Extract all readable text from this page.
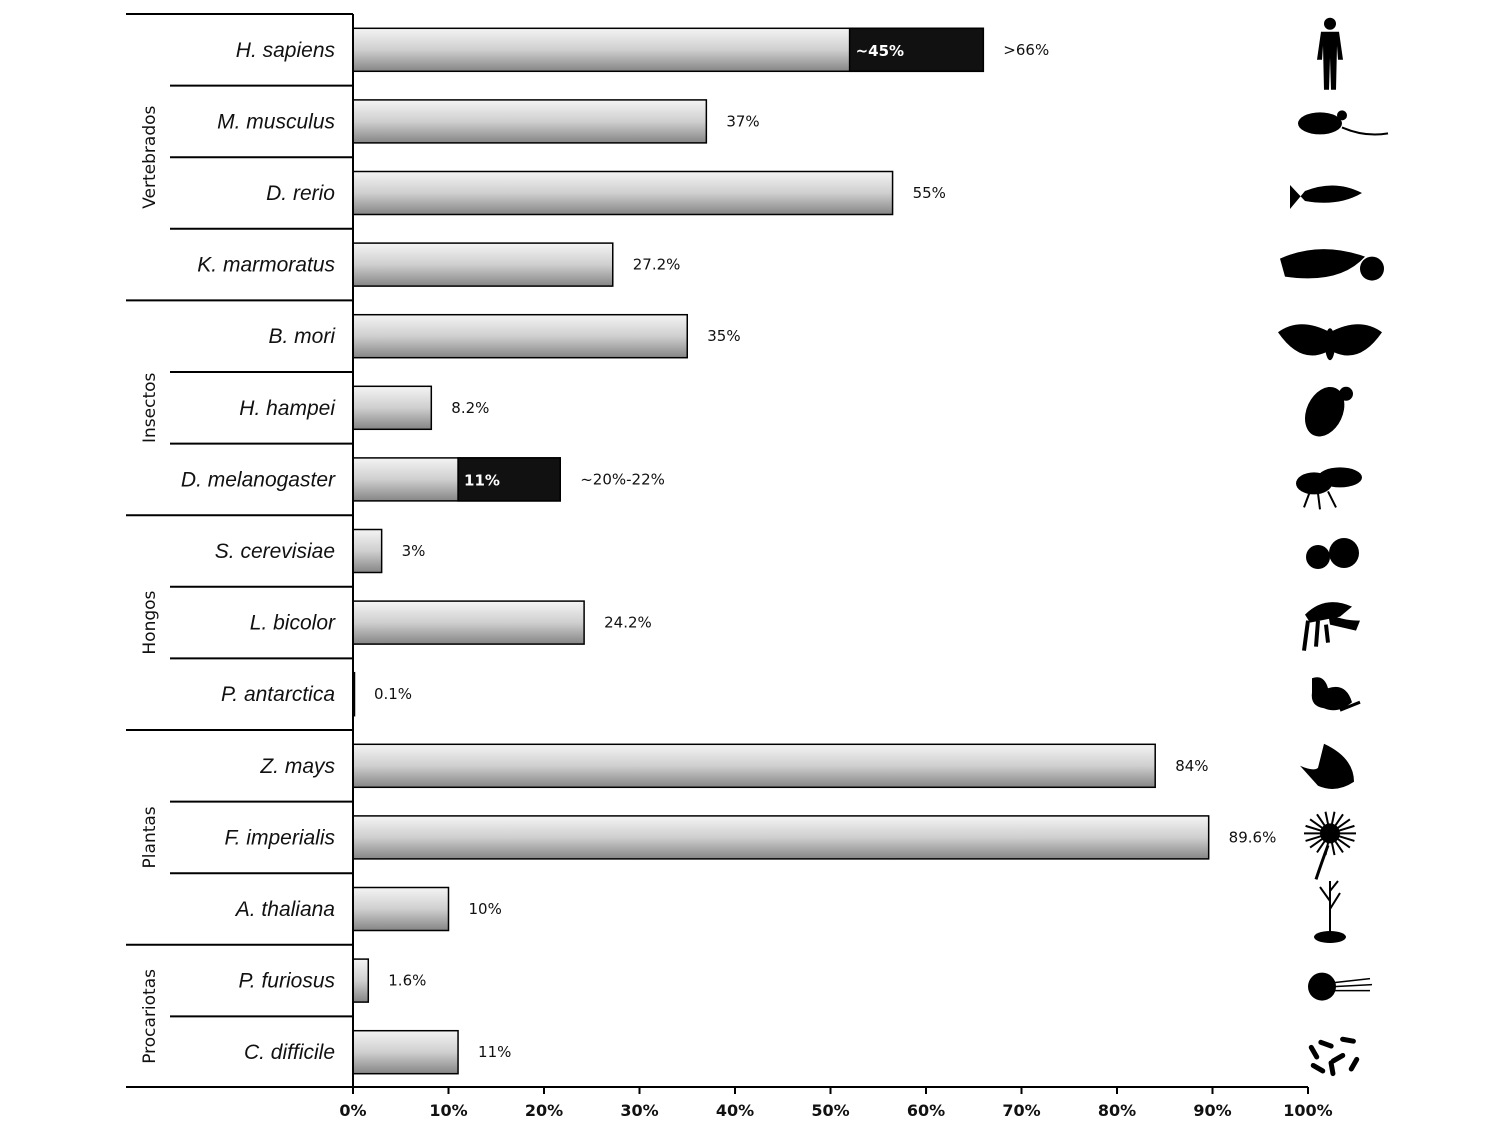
Vertebrados
Insectos
Hongos
Plantas
Procariotas
H. sapiens	~45%	>66%
M. musculus	37%
D. rerio	55%
K. marmoratus	27.2%
B. mori	35%
H. hampei	8.2%
D. melanogaster	11%	~20%-22%
S. cerevisiae	3%
L. bicolor	24.2%
P. antarctica	0.1%
Z. mays	84%
F. imperialis	89.6%
A. thaliana	10%
P. furiosus	1.6%
C. difficile	11%
0%	10%	20%	30%	40%	50%	60%	70%	80%	90%	100%
